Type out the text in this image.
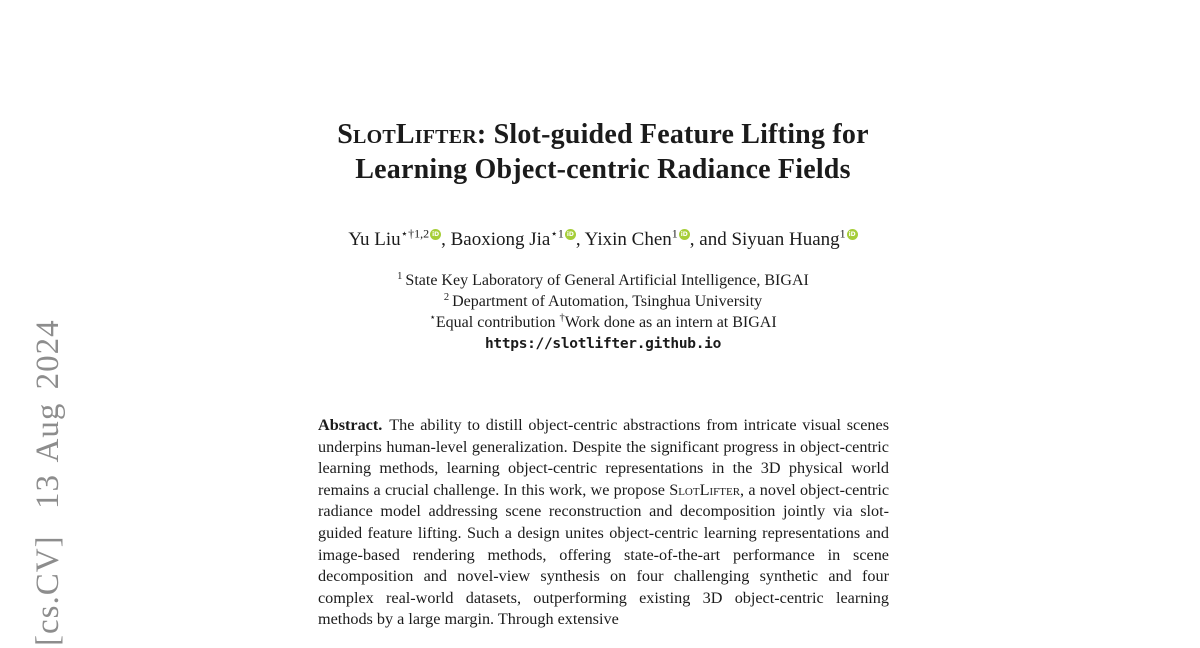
[cs.CV]  13 Aug 2024
SlotLifter: Slot-guided Feature Lifting for
Learning Object-centric Radiance Fields
Yu Liu$^{⋆\dagger 1,2}$ iD , Baoxiong Jia$^{⋆1}$ iD , Yixin Chen$^1$ iD , and Siyuan Huang$^1$ iD
$^1$ State Key Laboratory of General Artificial Intelligence, BIGAI
$^2$ Department of Automation, Tsinghua University
⋆Equal contribution †Work done as an intern at BIGAI
https://slotlifter.github.io
Abstract. The ability to distill object-centric abstractions from intricate visual scenes underpins human-level generalization. Despite the significant progress in object-centric learning methods, learning object-centric representations in the 3D physical world remains a crucial challenge. In this work, we propose SlotLifter, a novel object-centric radiance model addressing scene reconstruction and decomposition jointly via slot-guided feature lifting. Such a design unites object-centric learning representations and image-based rendering methods, offering state-of-the-art performance in scene decomposition and novel-view synthesis on four challenging synthetic and four complex real-world datasets, outperforming existing 3D object-centric learning methods by a large margin. Through extensive
